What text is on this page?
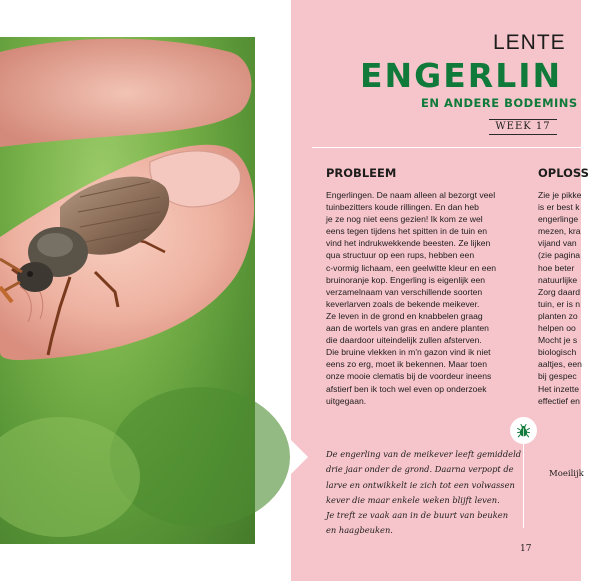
LENTE
ENGERLIN
EN ANDERE BODEMINS
WEEK 17
PROBLEEM

Engerlingen. De naam alleen al bezorgt veel
tuinbezitters koude rillingen. En dan heb
je ze nog niet eens gezien! Ik kom ze wel
eens tegen tijdens het spitten in de tuin en
vind het indrukwekkende beesten. Ze lijken
qua structuur op een rups, hebben een
c-vormig lichaam, een geelwitte kleur en een
bruinoranje kop. Engerling is eigenlijk een
verzamelnaam van verschillende soorten
keverlarven zoals de bekende meikever.
Ze leven in de grond en knabbelen graag
aan de wortels van gras en andere planten
die daardoor uiteindelijk zullen afsterven.
Die bruine vlekken in m'n gazon vind ik niet
eens zo erg, moet ik bekennen. Maar toen
onze mooie clematis bij de voordeur ineens
afstierf ben ik toch wel even op onderzoek
uitgegaan.

OPLOSS

Zie je pikke
is er best k
engerlinge
mezen, kra
vijand van
(zie pagina
hoe beter
natuurlijke
Zorg daard
tuin, er is n
planten zo
helpen oo
Mocht je s
biologisch
aaltjes, een
bij gespec
Het inzette
effectief en

Moeilijk

De engerling van de meikever leeft gemiddeld
drie jaar onder de grond. Daarna verpopt de
larve en ontwikkelt ie zich tot een volwassen
kever die maar enkele weken blijft leven.
Je treft ze vaak aan in de buurt van beuken
en haagbeuken.

17
